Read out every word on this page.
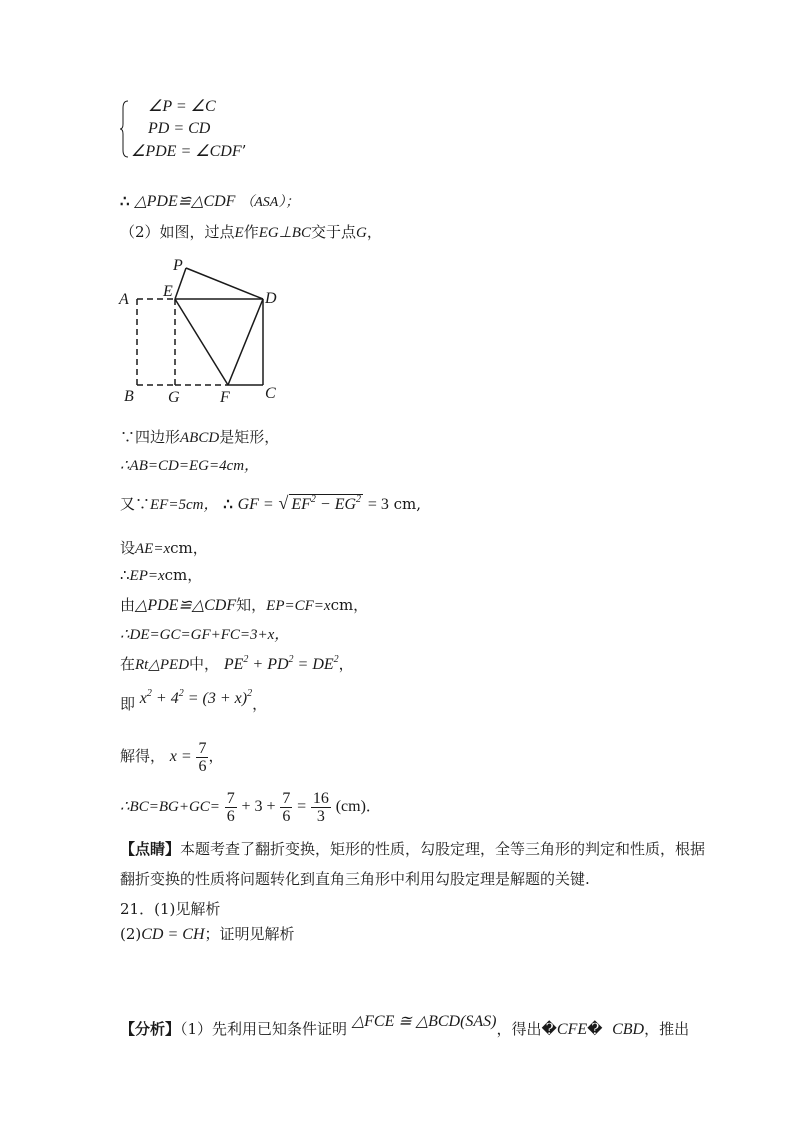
∠P = ∠C
PD = CD
∠PDE = ∠CDF’
∴ △PDE≌△CDF （ASA）；
（2）如图，过点E作EG⊥BC交于点G，
P
A E	D
B G	F C
∵四边形ABCD是矩形，
∴AB=CD=EG=4cm，
又∵EF=5cm， ∴ GF = √ $EF^2 - EG^2 = 3$ cm,
设AE=xcm，
∴EP=xcm，
由△PDE≌△CDF知，EP=CF=xcm，
∴DE=GC=GF+FC=3+x，
在Rt△PED中， $PE^2 + PD^2 = DE^2$，
即 $x^2 + 4^2 = (3 + x)^2$，
解得， $x = \frac{7}{6}$ ，
∴BC=BG+GC= $\frac{7}{6} + 3 + \frac{7}{6} = \frac{16}{3} (cm)$．
【点睛】本题考查了翻折变换，矩形的性质，勾股定理，全等三角形的判定和性质，根据
翻折变换的性质将问题转化到直角三角形中利用勾股定理是解题的关键.
21．(1)见解析
(2)CD = CH；证明见解析
【分析】（1）先利用已知条件证明 △FCE ≅ △BCD(SAS)，得出�CFE� CBD，推出
